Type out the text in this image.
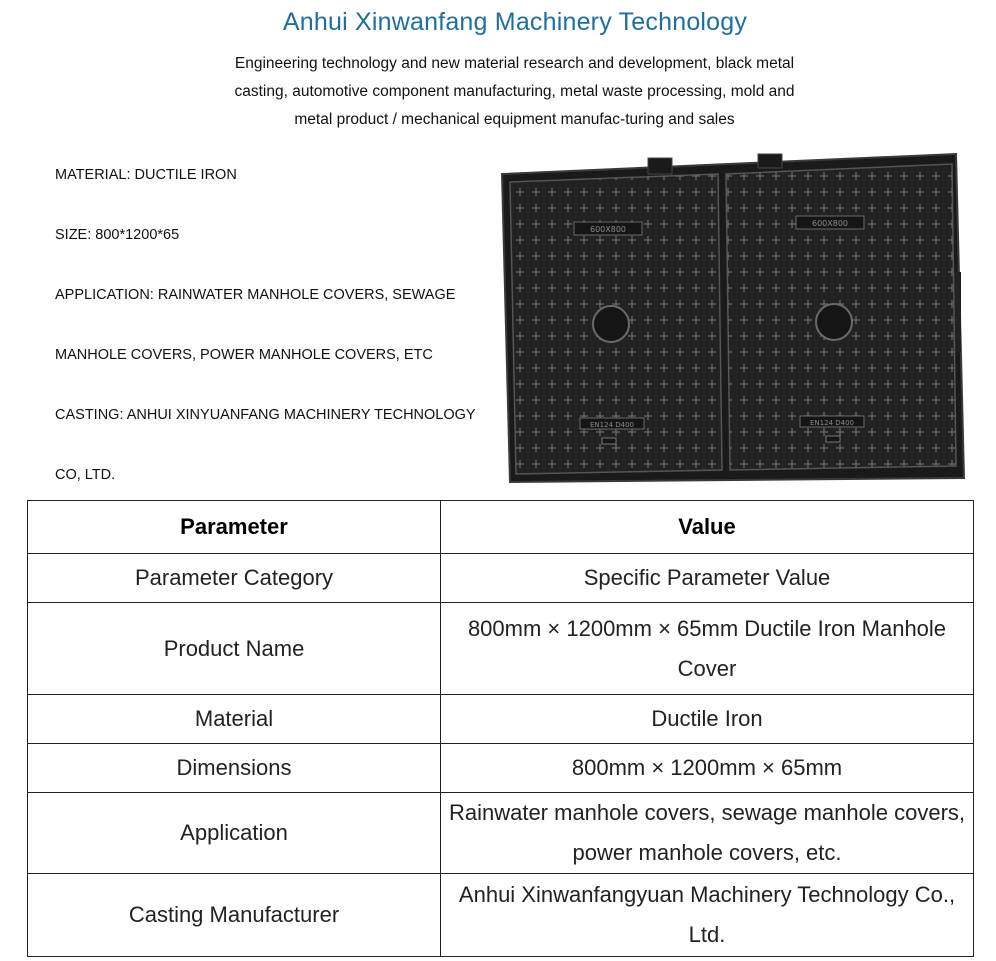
Anhui Xinwanfang Machinery Technology
Engineering technology and new material research and development, black metal casting, automotive component manufacturing, metal waste processing, mold and metal product / mechanical equipment manufac-turing and sales
MATERIAL: DUCTILE IRON
SIZE: 800*1200*65
APPLICATION: RAINWATER MANHOLE COVERS, SEWAGE
MANHOLE COVERS, POWER MANHOLE COVERS, ETC
CASTING: ANHUI XINYUANFANG MACHINERY TECHNOLOGY
CO, LTD.
600X800
600X800
EN124 D400	EN124 D400
Parameter	Value
Parameter Category	Specific Parameter Value
Product Name	800mm × 1200mm × 65mm Ductile Iron Manhole Cover
Material	Ductile Iron
Dimensions	800mm × 1200mm × 65mm
Application	Rainwater manhole covers, sewage manhole covers, power manhole covers, etc.
Casting Manufacturer	Anhui Xinwanfangyuan Machinery Technology Co., Ltd.
